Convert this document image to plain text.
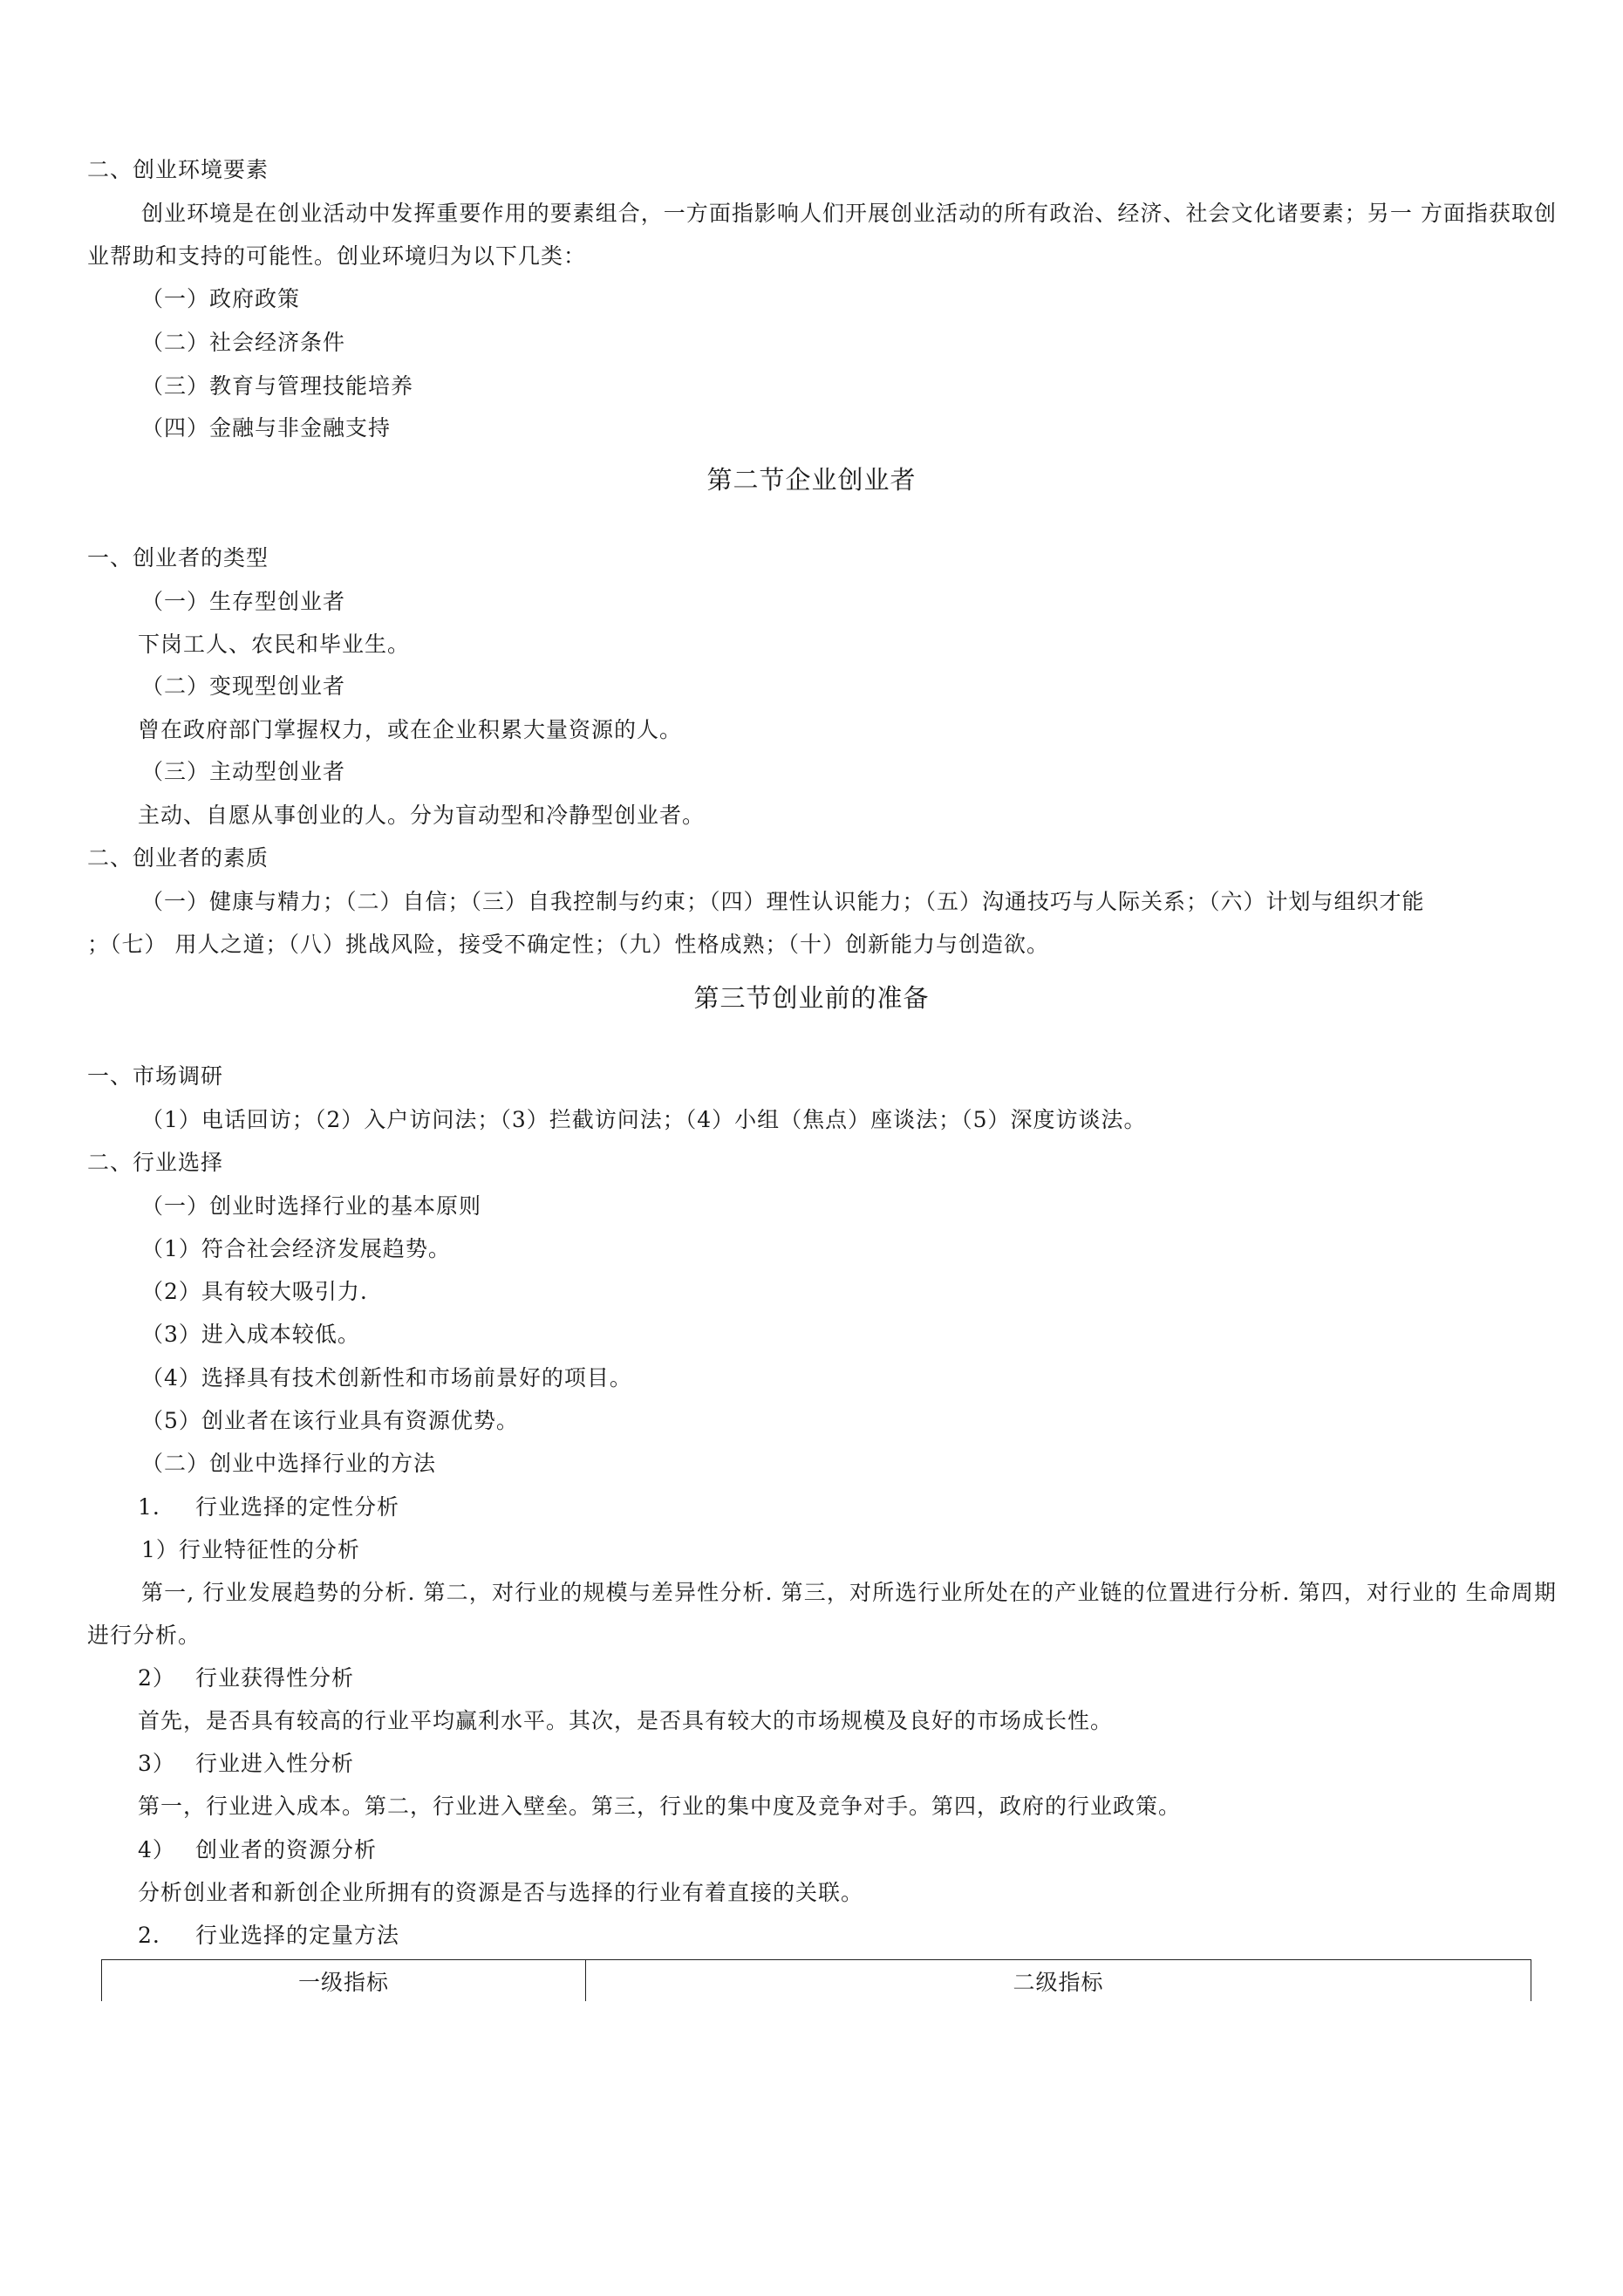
二、创业环境要素
创业环境是在创业活动中发挥重要作用的要素组合，一方面指影响人们开展创业活动的所有政治、经济、社会文化诸要素；另一 方面指获取创业帮助和支持的可能性。创业环境归为以下几类：
（一）政府政策
（二）社会经济条件
（三）教育与管理技能培养
（四）金融与非金融支持
第二节企业创业者
一、创业者的类型
（一）生存型创业者
下岗工人、农民和毕业生。
（二）变现型创业者
曾在政府部门掌握权力，或在企业积累大量资源的人。
（三）主动型创业者
主动、自愿从事创业的人。分为盲动型和冷静型创业者。
二、创业者的素质
（一）健康与精力；（二）自信；（三）自我控制与约束；（四）理性认识能力；（五）沟通技巧与人际关系；（六）计划与组织才能
；（七） 用人之道；（八）挑战风险，接受不确定性；（九）性格成熟；（十）创新能力与创造欲。
第三节创业前的准备
一、市场调研
（1）电话回访；（2）入户访问法；（3）拦截访问法；（4）小组（焦点）座谈法；（5）深度访谈法。
二、行业选择
（一）创业时选择行业的基本原则
（1）符合社会经济发展趋势。
（2）具有较大吸引力.
（3）进入成本较低。
（4）选择具有技术创新性和市场前景好的项目。
（5）创业者在该行业具有资源优势。
（二）创业中选择行业的方法
1. 行业选择的定性分析
1）行业特征性的分析
第一, 行业发展趋势的分析. 第二，对行业的规模与差异性分析. 第三，对所选行业所处在的产业链的位置进行分析. 第四，对行业的 生命周期进行分析。
2） 行业获得性分析
首先，是否具有较高的行业平均赢利水平。其次，是否具有较大的市场规模及良好的市场成长性。
3） 行业进入性分析
第一，行业进入成本。第二，行业进入壁垒。第三，行业的集中度及竞争对手。第四，政府的行业政策。
4） 创业者的资源分析
分析创业者和新创企业所拥有的资源是否与选择的行业有着直接的关联。
2. 行业选择的定量方法
一级指标	二级指标
